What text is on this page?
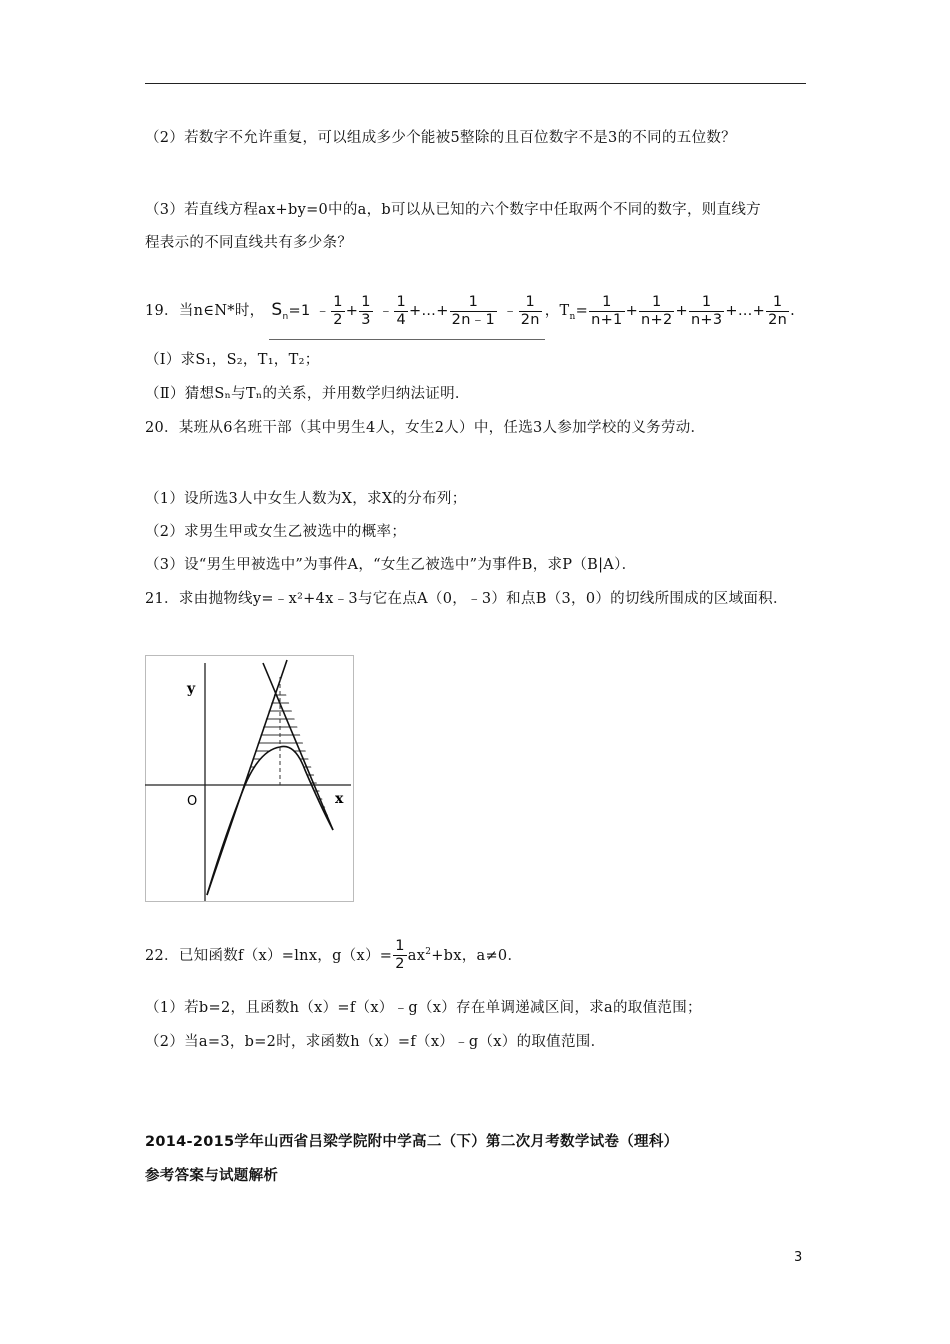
（2）若数字不允许重复，可以组成多少个能被5整除的且百位数字不是3的不同的五位数？
（3）若直线方程ax+by=0中的a，b可以从已知的六个数字中任取两个不同的数字，则直线方
程表示的不同直线共有多少条？
19．当n∈N*时， $S_n=1$ ﹣ $\frac{1}{2} + \frac{1}{3}$ ﹣ $\frac{1}{4}$ +…+ $\frac{1}{2n﹣1}$ ﹣ $\frac{1}{2n}$ ，$T_n= \frac{1}{n+1} + \frac{1}{n+2} + \frac{1}{n+3}$ +…+ $\frac{1}{2n}$ .
（Ⅰ）求S₁，S₂，T₁，T₂；
（Ⅱ）猜想Sₙ与Tₙ的关系，并用数学归纳法证明．
20．某班从6名班干部（其中男生4人，女生2人）中，任选3人参加学校的义务劳动．
（1）设所选3人中女生人数为X，求X的分布列；
（2）求男生甲或女生乙被选中的概率；
（3）设“男生甲被选中”为事件A，“女生乙被选中”为事件B，求P（B|A）．
21．求由抛物线y=﹣x²+4x﹣3与它在点A（0，﹣3）和点B（3，0）的切线所围成的区域面积．
y
x
O
22．已知函数f（x）=lnx，$g(x)= \frac{1}{2} ax^2+bx$，a≠0．
（1）若b=2，且函数h（x）=f（x）﹣g（x）存在单调递减区间，求a的取值范围；
（2）当a=3，b=2时，求函数h（x）=f（x）﹣g（x）的取值范围．
2014-2015学年山西省吕梁学院附中学高二（下）第二次月考数学试卷（理科）
参考答案与试题解析
3
